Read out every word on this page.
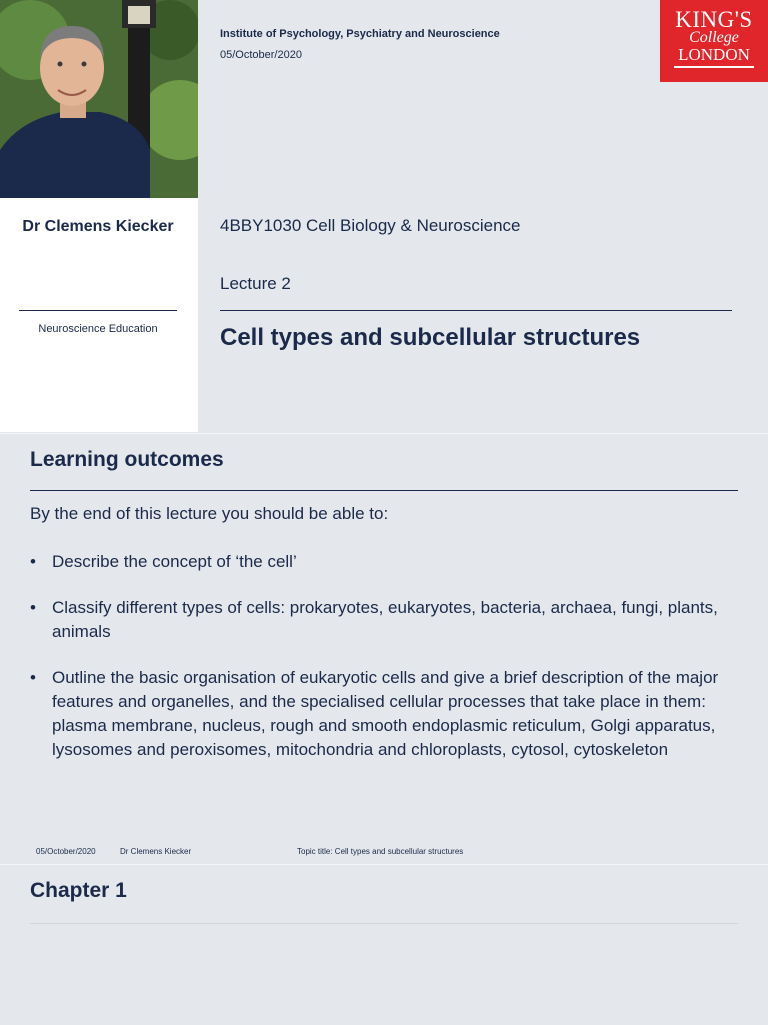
Dr Clemens Kiecker
Neuroscience Education
Institute of Psychology, Psychiatry and Neuroscience
05/October/2020
KING'S
College
LONDON
4BBY1030 Cell Biology & Neuroscience
Lecture 2
Cell types and subcellular structures
Learning outcomes
By the end of this lecture you should be able to:
• Describe the concept of ‘the cell’
• Classify different types of cells: prokaryotes, eukaryotes, bacteria, archaea, fungi, plants, animals
• Outline the basic organisation of eukaryotic cells and give a brief description of the major features and organelles, and the specialised cellular processes that take place in them: plasma membrane, nucleus, rough and smooth endoplasmic reticulum, Golgi apparatus, lysosomes and peroxisomes, mitochondria and chloroplasts, cytosol, cytoskeleton
05/October/2020	Dr Clemens Kiecker	Topic title: Cell types and subcellular structures
Chapter 1
